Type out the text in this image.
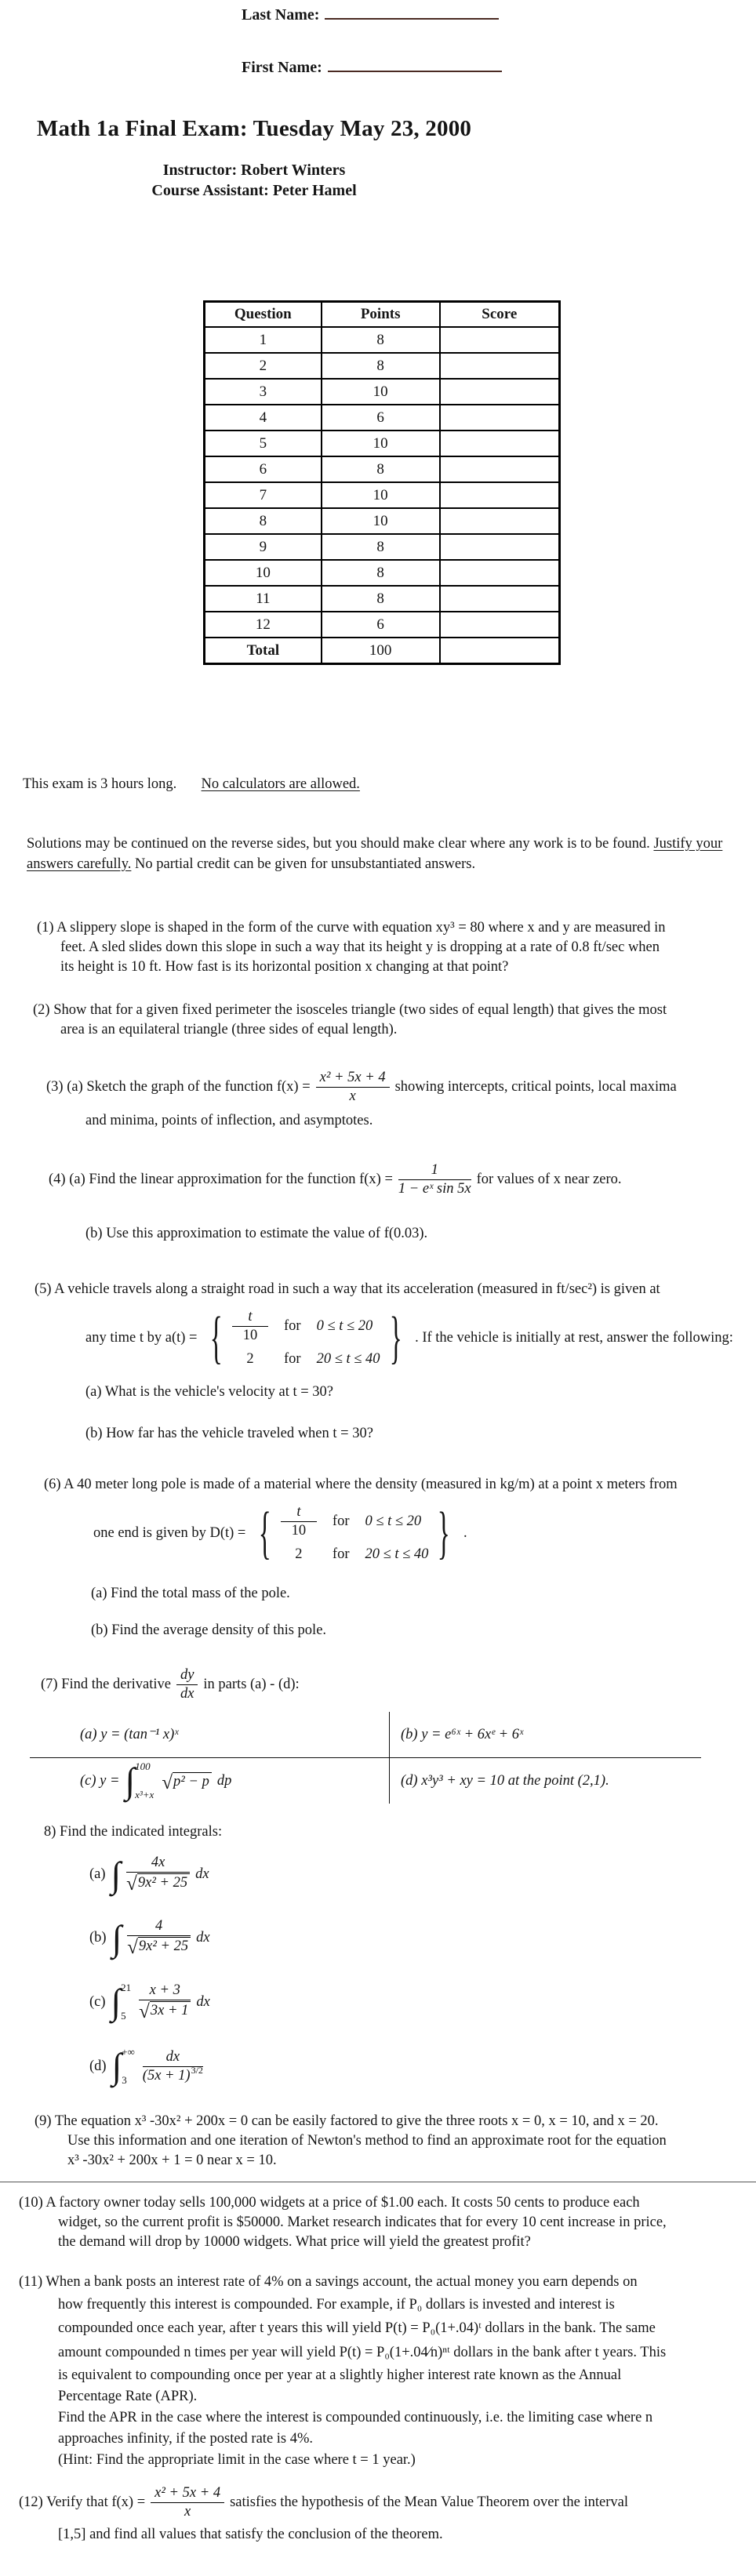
Last Name:
First Name:
Math 1a Final Exam: Tuesday May 23, 2000
Instructor: Robert Winters
Course Assistant: Peter Hamel
Question	Points	Score
1	8	
2	8	
3	10	
4	6	
5	10	
6	8	
7	10	
8	10	
9	8	
10	8	
11	8	
12	6	
Total	100	
This exam is 3 hours long. No calculators are allowed.
Solutions may be continued on the reverse sides, but you should make clear where any work is to be found. Justify your answers carefully. No partial credit can be given for unsubstantiated answers.
(1) A slippery slope is shaped in the form of the curve with equation xy³ = 80 where x and y are measured in
feet. A sled slides down this slope in such a way that its height y is dropping at a rate of 0.8 ft/sec when
its height is 10 ft. How fast is its horizontal position x changing at that point?
(2) Show that for a given fixed perimeter the isosceles triangle (two sides of equal length) that gives the most
area is an equilateral triangle (three sides of equal length).
(3) (a) Sketch the graph of the function $f(x) = \frac{\text{x² + 5x + 4}}{x}$ showing intercepts, critical points, local maxima
and minima, points of inflection, and asymptotes.
(4) (a) Find the linear approximation for the function $f(x) = \frac{1}{\text{1 − eˣ sin 5x}}$ for values of x near zero.
(b) Use this approximation to estimate the value of f(0.03).
(5) A vehicle travels along a straight road in such a way that its acceleration (measured in ft/sec²) is given at
any time t by a(t) = { $\frac{t}{10}$ for 0 ≤ t ≤ 20
2	for 20 ≤ t ≤ 40 } . If the vehicle is initially at rest, answer the following:
(a) What is the vehicle's velocity at t = 30?
(b) How far has the vehicle traveled when t = 30?
(6) A 40 meter long pole is made of a material where the density (measured in kg/m) at a point x meters from
one end is given by D(t) = { $\frac{t}{10}$ for 0 ≤ t ≤ 20
2	for 20 ≤ t ≤ 40 } .
(a) Find the total mass of the pole.
(b) Find the average density of this pole.
(7) Find the derivative $\frac{dy}{dx}$ in parts (a) - (d):
(a) y = (tan⁻¹ x)ˣ	(b) y = e⁶ˣ + 6xᵉ + 6ˣ
(c) y = ∫ 100
x³+x
√ p² − p dp	(d) x³y³ + xy = 10 at the point (2,1).
8) Find the indicated integrals:
(a) ∫ $\frac{4x}{\text{√ 9x² + 25}}$ dx
(b) ∫ $\frac{4}{\text{√ 9x² + 25}}$ dx
(c) ∫ 21
$5 \frac{x + 3}{√ 3x + 1}$ dx
(d) ∫ +∞
3	$\frac{dx}{(5x + 1)^{3/2}}$
(9) The equation x³ -30x² + 200x = 0 can be easily factored to give the three roots x = 0, x = 10, and x = 20.
Use this information and one iteration of Newton's method to find an approximate root for the equation
x³ -30x² + 200x + 1 = 0 near x = 10.
(10) A factory owner today sells 100,000 widgets at a price of $1.00 each. It costs 50 cents to produce each
widget, so the current profit is $50000. Market research indicates that for every 10 cent increase in price,
the demand will drop by 10000 widgets. What price will yield the greatest profit?
(11) When a bank posts an interest rate of 4% on a savings account, the actual money you earn depends on
how frequently this interest is compounded. For example, if P₀ dollars is invested and interest is
compounded once each year, after t years this will yield P(t) = P₀(1+.04)ᵗ dollars in the bank. The same
amount compounded n times per year will yield P(t) = P₀(1+.04⁄n)ⁿᵗ dollars in the bank after t years. This
is equivalent to compounding once per year at a slightly higher interest rate known as the Annual
Percentage Rate (APR).
Find the APR in the case where the interest is compounded continuously, i.e. the limiting case where n
approaches infinity, if the posted rate is 4%.
(Hint: Find the appropriate limit in the case where t = 1 year.)
(12) Verify that $f(x) = \frac{\text{x² + 5x + 4}}{x}$ satisfies the hypothesis of the Mean Value Theorem over the interval
[1,5] and find all values that satisfy the conclusion of the theorem.
